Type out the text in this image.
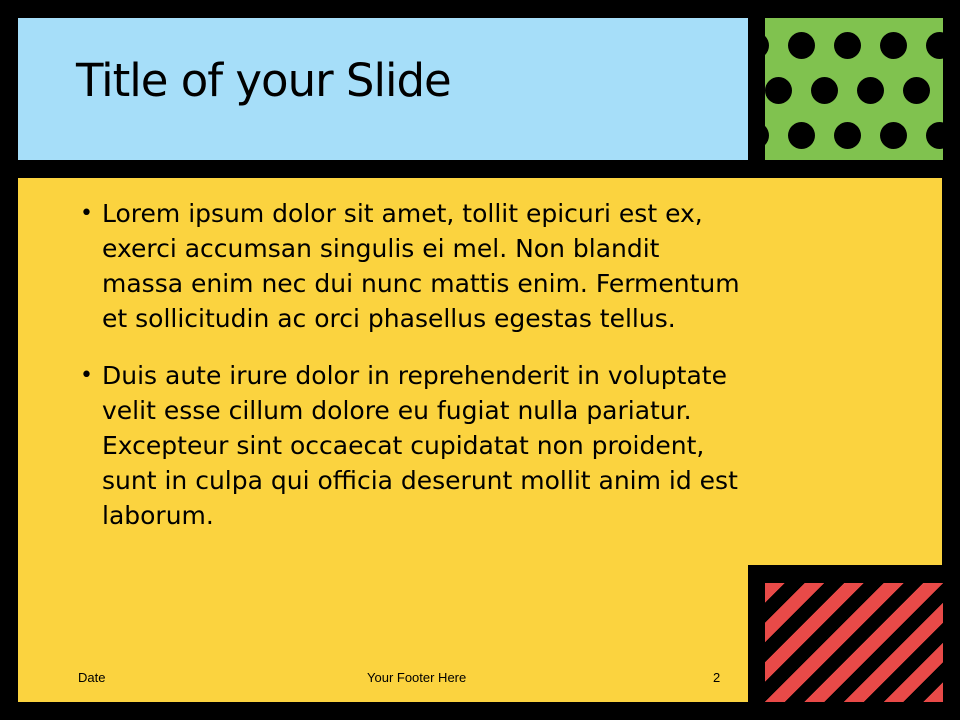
Title of your Slide
• Lorem ipsum dolor sit amet, tollit epicuri est ex, exerci accumsan singulis ei mel. Non blandit massa enim nec dui nunc mattis enim. Fermentum et sollicitudin ac orci phasellus egestas tellus.
• Duis aute irure dolor in reprehenderit in voluptate velit esse cillum dolore eu fugiat nulla pariatur. Excepteur sint occaecat cupidatat non proident, sunt in culpa qui officia deserunt mollit anim id est laborum.
Date	Your Footer Here	2
